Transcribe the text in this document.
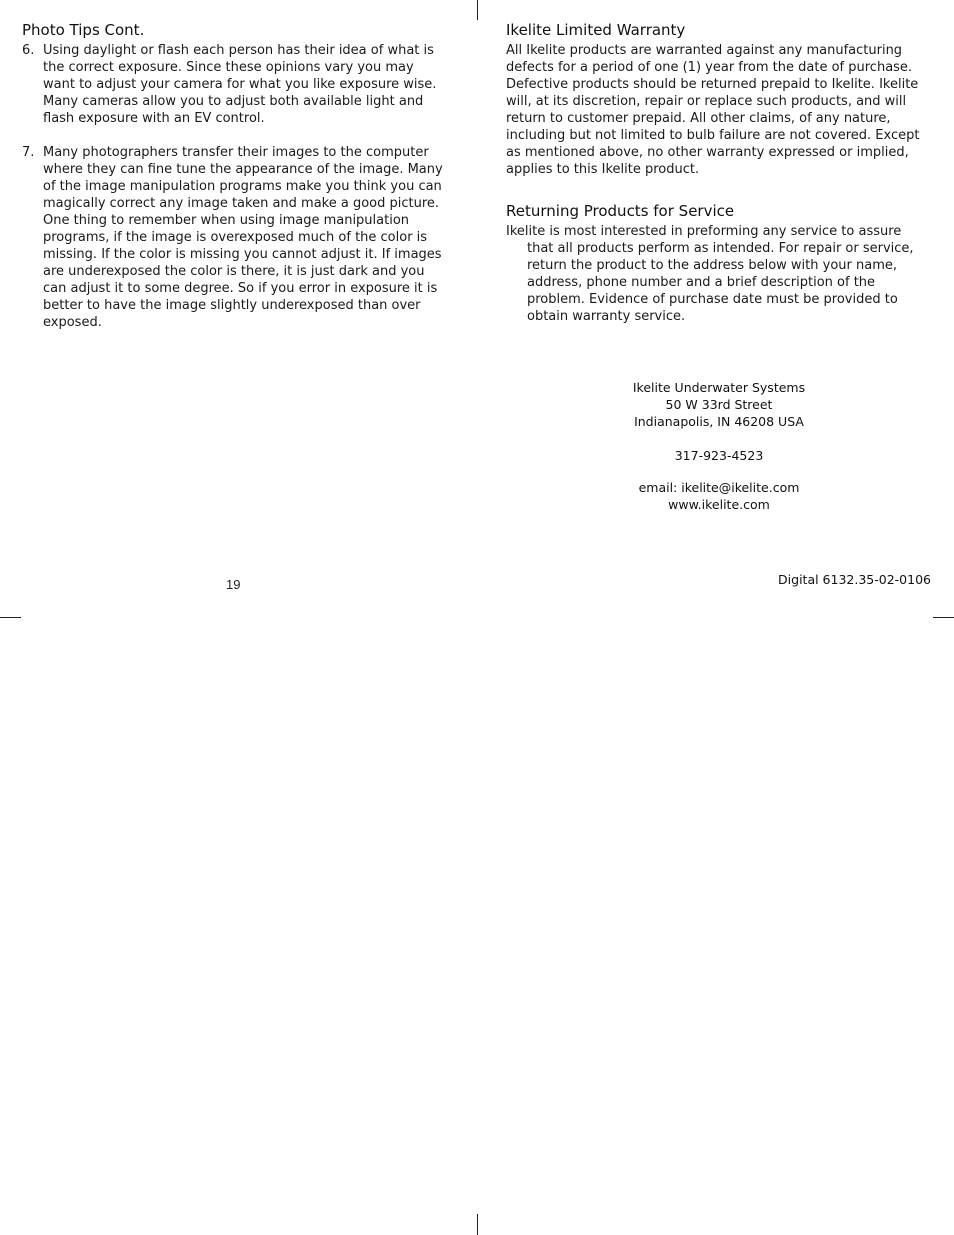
Photo Tips Cont.
6. Using daylight or flash each person has their idea of what is the correct exposure. Since these opinions vary you may want to adjust your camera for what you like exposure wise. Many cameras allow you to adjust both available light and flash exposure with an EV control.
7. Many photographers transfer their images to the computer where they can fine tune the appearance of the image. Many of the image manipulation programs make you think you can magically correct any image taken and make a good picture. One thing to remember when using image manipulation programs, if the image is overexposed much of the color is missing. If the color is missing you cannot adjust it. If images are underexposed the color is there, it is just dark and you can adjust it to some degree. So if you error in exposure it is better to have the image slightly underexposed than over exposed.
Ikelite Limited Warranty

All Ikelite products are warranted against any manufacturing defects for a period of one (1) year from the date of purchase. Defective products should be returned prepaid to Ikelite. Ikelite will, at its discretion, repair or replace such products, and will return to customer prepaid. All other claims, of any nature, including but not limited to bulb failure are not covered. Except as mentioned above, no other warranty expressed or implied, applies to this Ikelite product.

Returning Products for Service

Ikelite is most interested in preforming any service to assure that all products perform as intended. For repair or service, return the product to the address below with your name, address, phone number and a brief description of the problem. Evidence of purchase date must be provided to obtain warranty service.

Ikelite Underwater Systems
50 W 33rd Street
Indianapolis, IN 46208 USA
317-923-4523
email: ikelite@ikelite.com
www.ikelite.com
19	Digital 6132.35-02-0106
